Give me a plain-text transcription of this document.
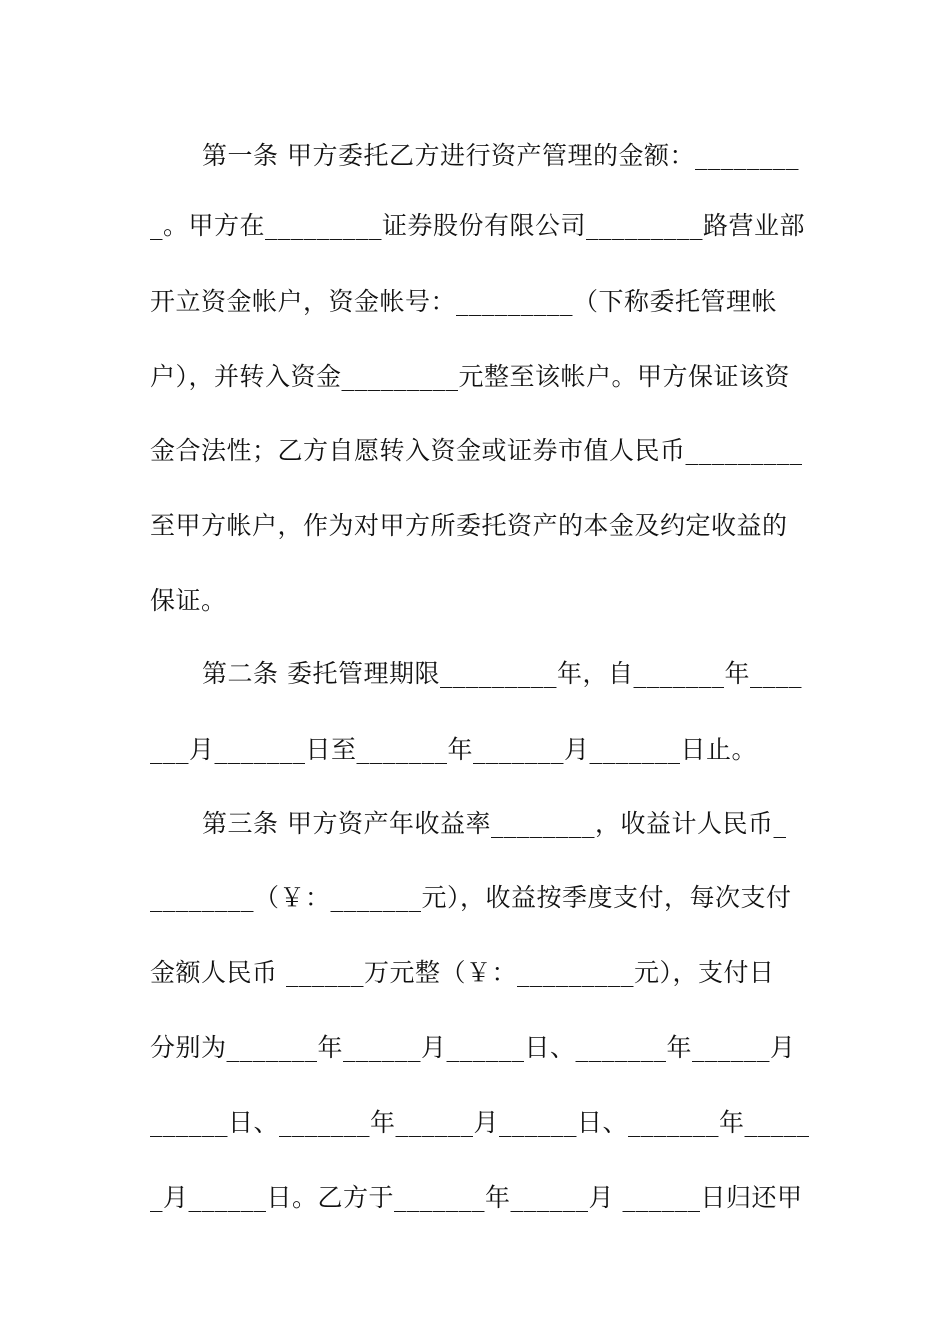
第一条 甲方委托乙方进行资产管理的金额：________
_。甲方在_________证券股份有限公司_________路营业部
开立资金帐户，资金帐号：_________（下称委托管理帐
户），并转入资金_________元整至该帐户。甲方保证该资
金合法性；乙方自愿转入资金或证券市值人民币_________
至甲方帐户，作为对甲方所委托资产的本金及约定收益的
保证。
第二条 委托管理期限_________年，自_______年____
___月_______日至_______年_______月_______日止。
第三条 甲方资产年收益率________，收益计人民币_
________（￥：_______元），收益按季度支付，每次支付
金额人民币 ______万元整（￥：_________元），支付日
分别为_______年______月______日、_______年______月
______日、_______年______月______日、_______年_____
_月______日。乙方于_______年______月 ______日归还甲
